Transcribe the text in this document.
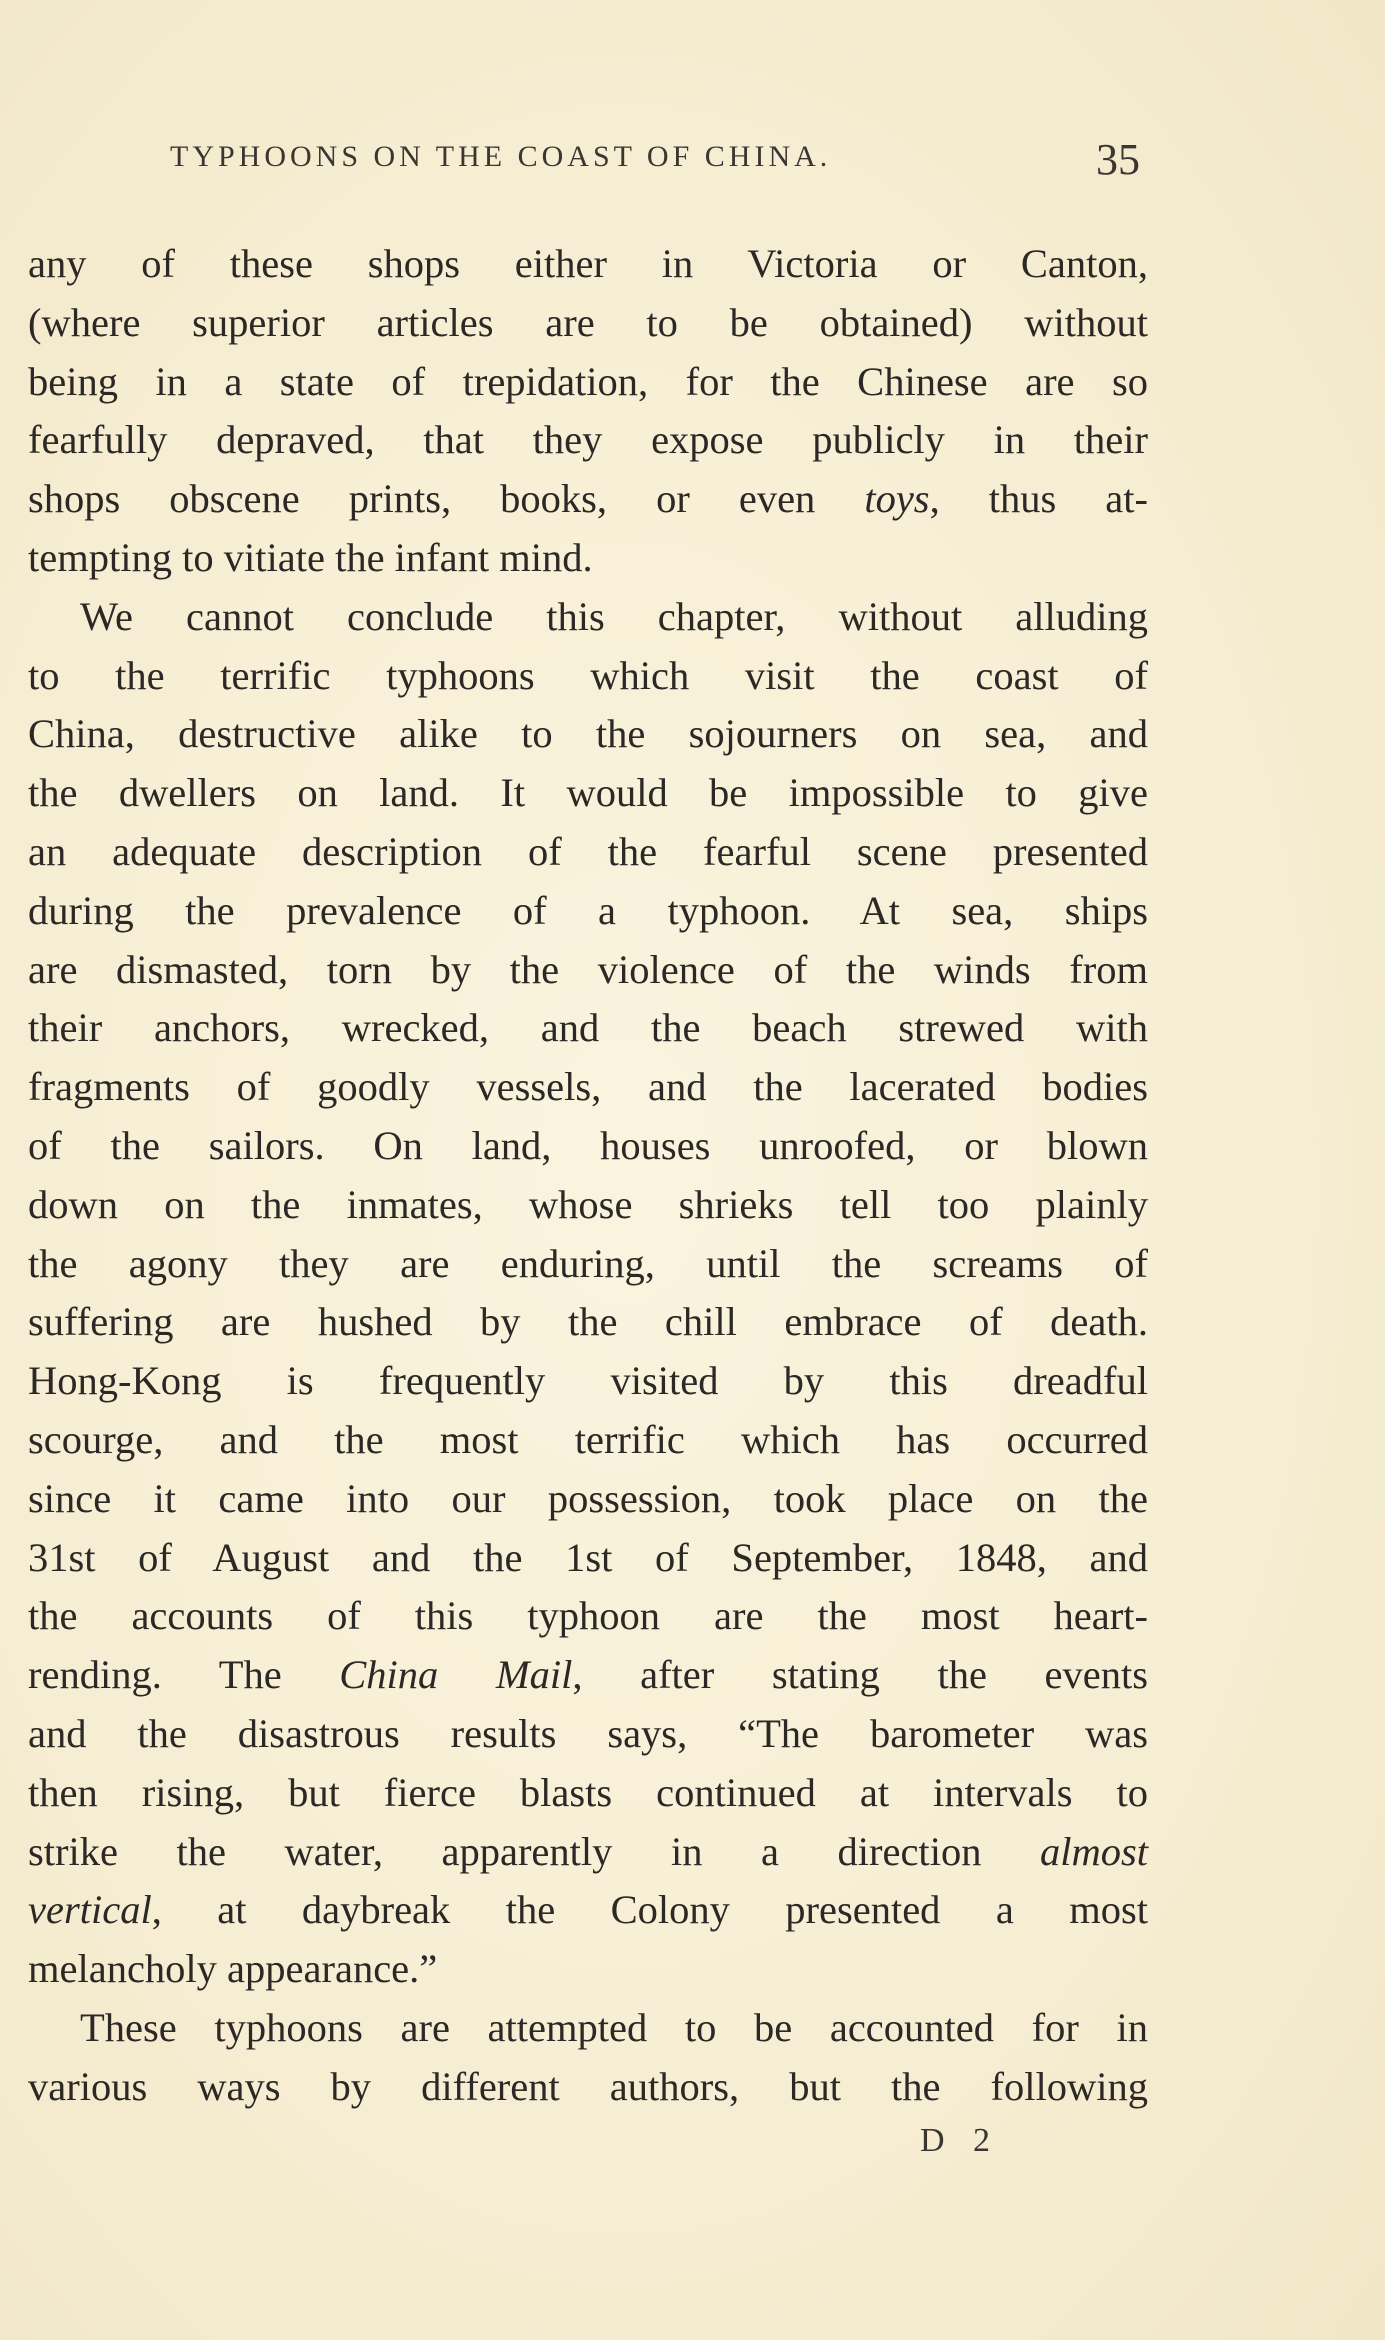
TYPHOONS ON THE COAST OF CHINA.	35
any of these shops either in Victoria or Canton,
(where superior articles are to be obtained) without
being in a state of trepidation, for the Chinese are so
fearfully depraved, that they expose publicly in their
shops obscene prints, books, or even toys, thus at-
tempting to vitiate the infant mind.
We cannot conclude this chapter, without alluding
to the terrific typhoons which visit the coast of
China, destructive alike to the sojourners on sea, and
the dwellers on land. It would be impossible to give
an adequate description of the fearful scene presented
during the prevalence of a typhoon. At sea, ships
are dismasted, torn by the violence of the winds from
their anchors, wrecked, and the beach strewed with
fragments of goodly vessels, and the lacerated bodies
of the sailors. On land, houses unroofed, or blown
down on the inmates, whose shrieks tell too plainly
the agony they are enduring, until the screams of
suffering are hushed by the chill embrace of death.
Hong-Kong is frequently visited by this dreadful
scourge, and the most terrific which has occurred
since it came into our possession, took place on the
31st of August and the 1st of September, 1848, and
the accounts of this typhoon are the most heart-
rending. The China Mail, after stating the events
and the disastrous results says, “The barometer was
then rising, but fierce blasts continued at intervals to
strike the water, apparently in a direction almost
vertical, at daybreak the Colony presented a most
melancholy appearance.”
These typhoons are attempted to be accounted for in
various ways by different authors, but the following
D 2
